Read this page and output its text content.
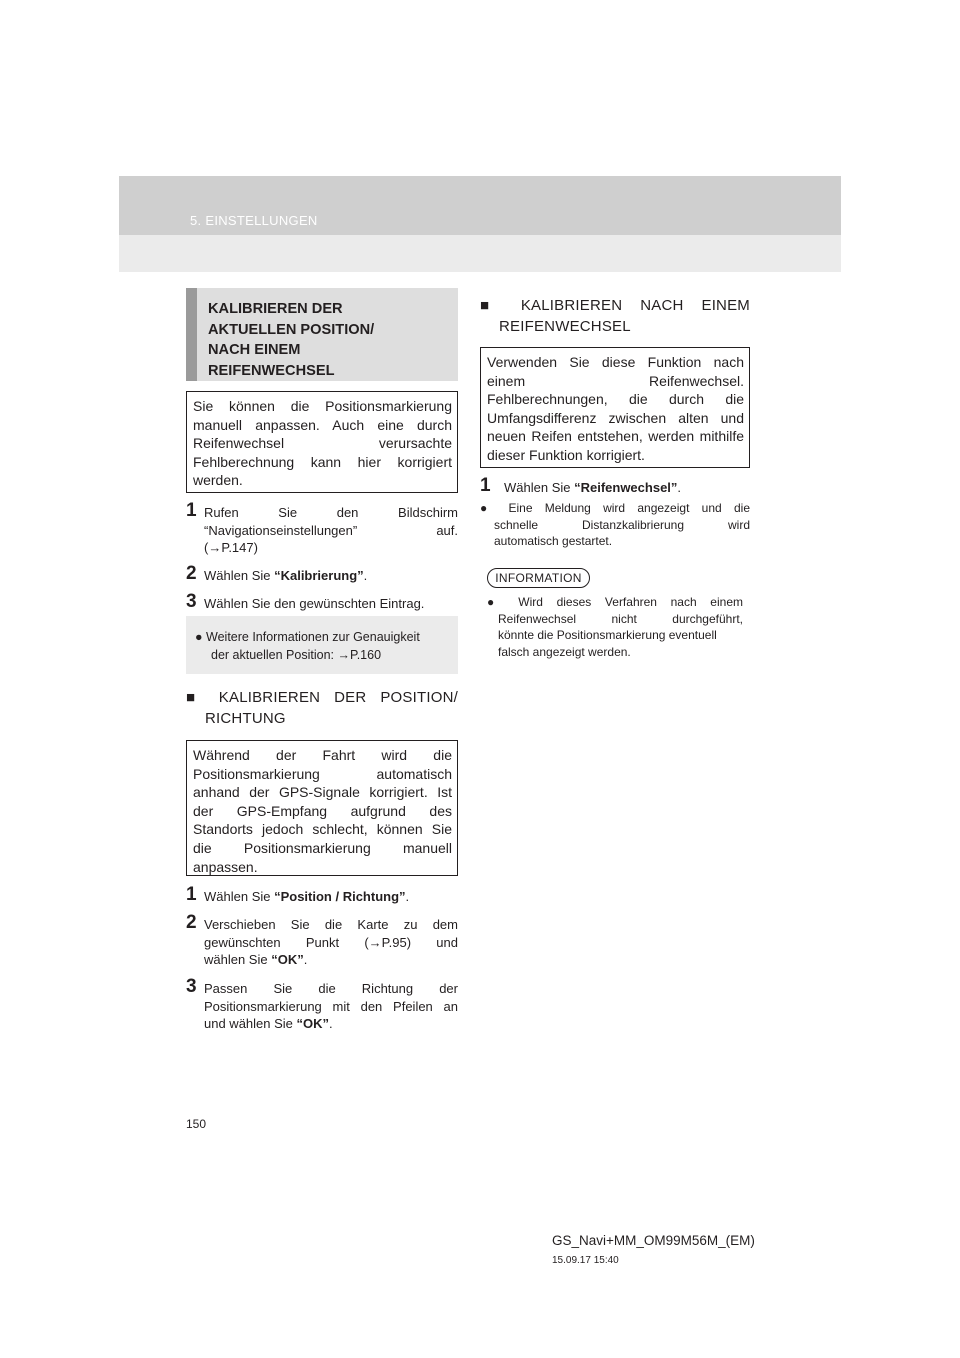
5. EINSTELLUNGEN
KALIBRIEREN DER
AKTUELLEN POSITION/
NACH EINEM
REIFENWECHSEL
Sie können die Positionsmarkierung
manuell anpassen. Auch eine durch
Reifenwechsel verursachte
Fehlberechnung kann hier korrigiert
werden.
1 Rufen Sie den Bildschirm
“Navigationseinstellungen” auf.
(→P.147)
2 Wählen Sie “Kalibrierung”.
3 Wählen Sie den gewünschten Eintrag.
● Weitere Informationen zur Genauigkeit
der aktuellen Position: →P.160
■ KALIBRIEREN DER POSITION/
RICHTUNG
Während der Fahrt wird die
Positionsmarkierung automatisch
anhand der GPS-Signale korrigiert. Ist
der GPS-Empfang aufgrund des
Standorts jedoch schlecht, können Sie
die Positionsmarkierung manuell
anpassen.
1 Wählen Sie “Position / Richtung”.
2 Verschieben Sie die Karte zu dem
gewünschten Punkt (→P.95) und
wählen Sie “OK”.
3 Passen Sie die Richtung der
Positionsmarkierung mit den Pfeilen an
und wählen Sie “OK”.
■ KALIBRIEREN NACH EINEM
REIFENWECHSEL
Verwenden Sie diese Funktion nach
einem Reifenwechsel.
Fehlberechnungen, die durch die
Umfangsdifferenz zwischen alten und
neuen Reifen entstehen, werden mithilfe
dieser Funktion korrigiert.
1 Wählen Sie “Reifenwechsel”.
● Eine Meldung wird angezeigt und die
schnelle Distanzkalibrierung wird
automatisch gestartet.
INFORMATION
● Wird dieses Verfahren nach einem
Reifenwechsel nicht durchgeführt,
könnte die Positionsmarkierung eventuell
falsch angezeigt werden.
150
GS_Navi+MM_OM99M56M_(EM)
15.09.17 15:40
